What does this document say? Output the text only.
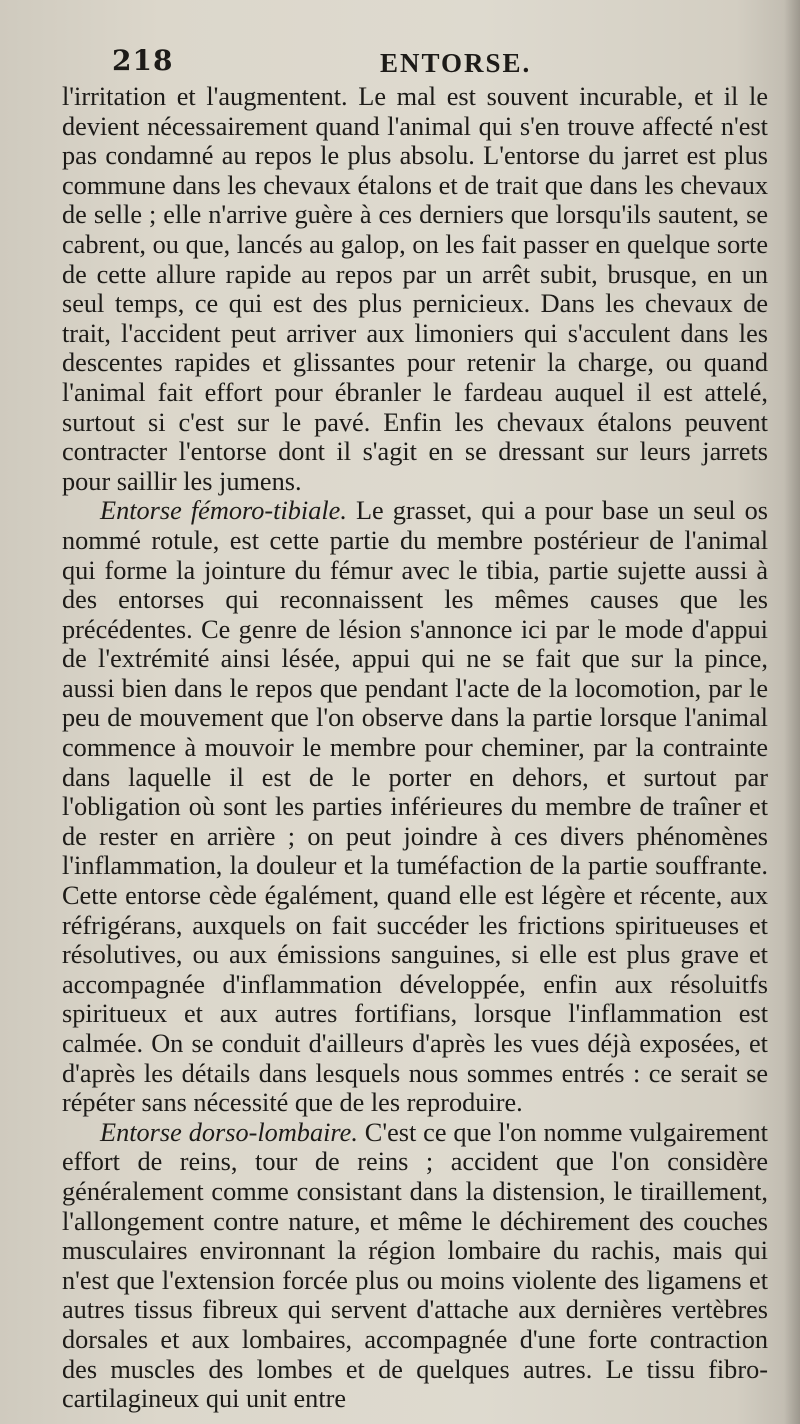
218	ENTORSE.

l'irritation et l'augmentent. Le mal est souvent incurable, et il le devient nécessairement quand l'animal qui s'en trouve affecté n'est pas condamné au repos le plus absolu. L'entorse du jarret est plus commune dans les chevaux étalons et de trait que dans les chevaux de selle ; elle n'arrive guère à ces derniers que lorsqu'ils sautent, se cabrent, ou que, lancés au galop, on les fait passer en quelque sorte de cette allure rapide au repos par un arrêt subit, brusque, en un seul temps, ce qui est des plus pernicieux. Dans les chevaux de trait, l'accident peut arriver aux limoniers qui s'acculent dans les descentes rapides et glissantes pour retenir la charge, ou quand l'animal fait effort pour ébranler le fardeau auquel il est attelé, surtout si c'est sur le pavé. Enfin les chevaux étalons peuvent contracter l'entorse dont il s'agit en se dressant sur leurs jarrets pour saillir les jumens.

Entorse fémoro-tibiale. Le grasset, qui a pour base un seul os nommé rotule, est cette partie du membre postérieur de l'animal qui forme la jointure du fémur avec le tibia, partie sujette aussi à des entorses qui reconnaissent les mêmes causes que les précédentes. Ce genre de lésion s'annonce ici par le mode d'appui de l'extrémité ainsi lésée, appui qui ne se fait que sur la pince, aussi bien dans le repos que pendant l'acte de la locomotion, par le peu de mouvement que l'on observe dans la partie lorsque l'animal commence à mouvoir le membre pour cheminer, par la contrainte dans laquelle il est de le porter en dehors, et surtout par l'obligation où sont les parties inférieures du membre de traîner et de rester en arrière ; on peut joindre à ces divers phénomènes l'inflammation, la douleur et la tuméfaction de la partie souffrante. Cette entorse cède égalément, quand elle est légère et récente, aux réfrigérans, auxquels on fait succéder les frictions spiritueuses et résolutives, ou aux émissions sanguines, si elle est plus grave et accompagnée d'inflammation développée, enfin aux résoluitfs spiritueux et aux autres fortifians, lorsque l'inflammation est calmée. On se conduit d'ailleurs d'après les vues déjà exposées, et d'après les détails dans lesquels nous sommes entrés : ce serait se répéter sans nécessité que de les reproduire.

Entorse dorso-lombaire. C'est ce que l'on nomme vulgairement effort de reins, tour de reins ; accident que l'on considère généralement comme consistant dans la distension, le tiraillement, l'allongement contre nature, et même le déchirement des couches musculaires environnant la région lombaire du rachis, mais qui n'est que l'extension forcée plus ou moins violente des ligamens et autres tissus fibreux qui servent d'attache aux dernières vertèbres dorsales et aux lombaires, accompagnée d'une forte contraction des muscles des lombes et de quelques autres. Le tissu fibro-cartilagineux qui unit entre
